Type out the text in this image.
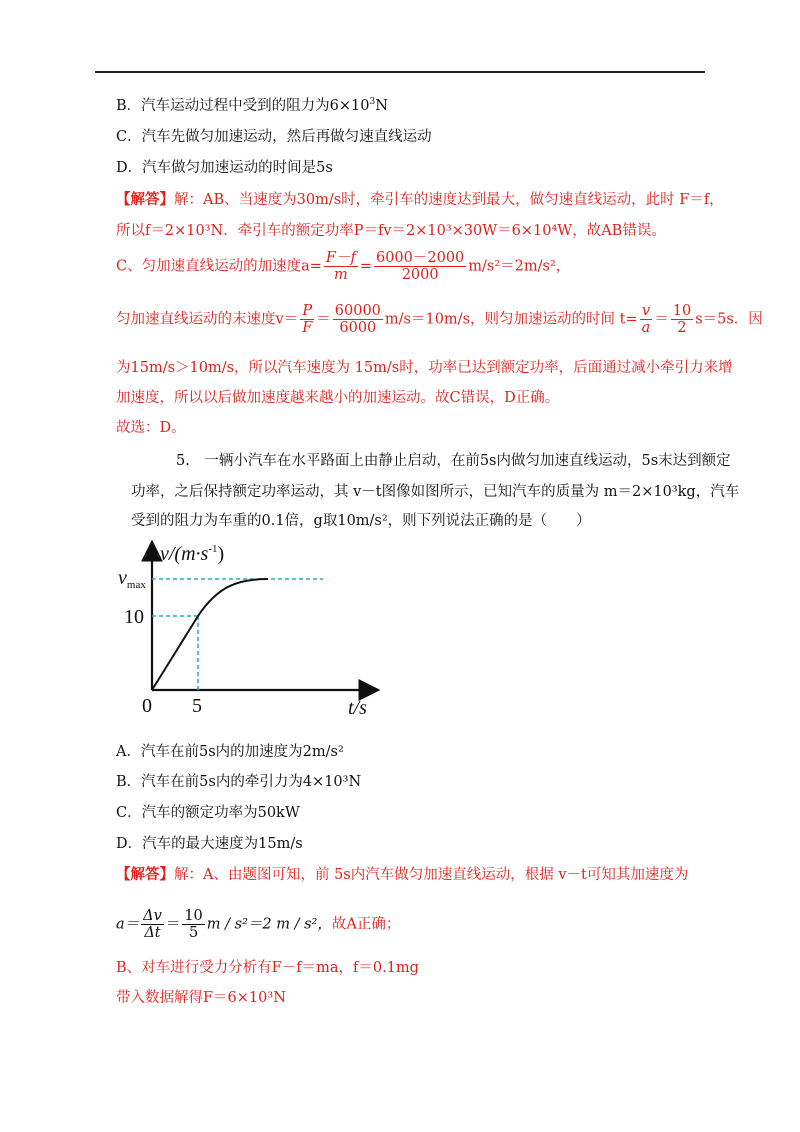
B．汽车运动过程中受到的阻力为$6\times 10^3N$
C．汽车先做匀加速运动，然后再做匀速直线运动
D．汽车做匀加速运动的时间是5s
【解答】解：AB、当速度为30m/s时，牵引车的速度达到最大，做匀速直线运动，此时 F＝f，
所以f＝2×10³N．牵引车的额定功率P＝fv＝2×10³×30W＝6×10⁴W，故AB错误。
C、匀加速直线运动的加速度$a= \frac{F-f}{m} = \frac{6000-2000}{2000} m/s^2=2m/s^2$，
匀加速直线运动的末速度$v= \frac{P}{F} = \frac{60000}{6000} m/s=10m/s$，则匀加速运动的时间 $t= \frac{v}{a} = \frac{10}{2} s=5s$．因
为15m/s＞10m/s，所以汽车速度为 15m/s时，功率已达到额定功率，后面通过减小牵引力来增
加速度，所以以后做加速度越来越小的加速运动。故C错误，D正确。
故选：D。
5.　一辆小汽车在水平路面上由静止启动，在前5s内做匀加速直线运动，5s末达到额定
功率，之后保持额定功率运动，其 v－t图像如图所示，已知汽车的质量为 m＝2×10³kg，汽车
受到的阻力为车重的0.1倍，g取10m/s²，则下列说法正确的是（　　）
$v/(m\cdot s^{-1})$
$v_{max}$
10
0 5	t/s
A．汽车在前5s内的加速度为2m/s²
B．汽车在前5s内的牵引力为4×10³N
C．汽车的额定功率为50kW
D．汽车的最大速度为15m/s
【解答】解：A、由题图可知，前 5s内汽车做匀加速直线运动，根据 v－t可知其加速度为
$a= \frac{\Delta v}{\Delta t} = \frac{10}{5}$ m / s²＝2 m / s²，故A正确；
B、对车进行受力分析有F－f＝ma，f＝0.1mg
带入数据解得F＝6×10³N
